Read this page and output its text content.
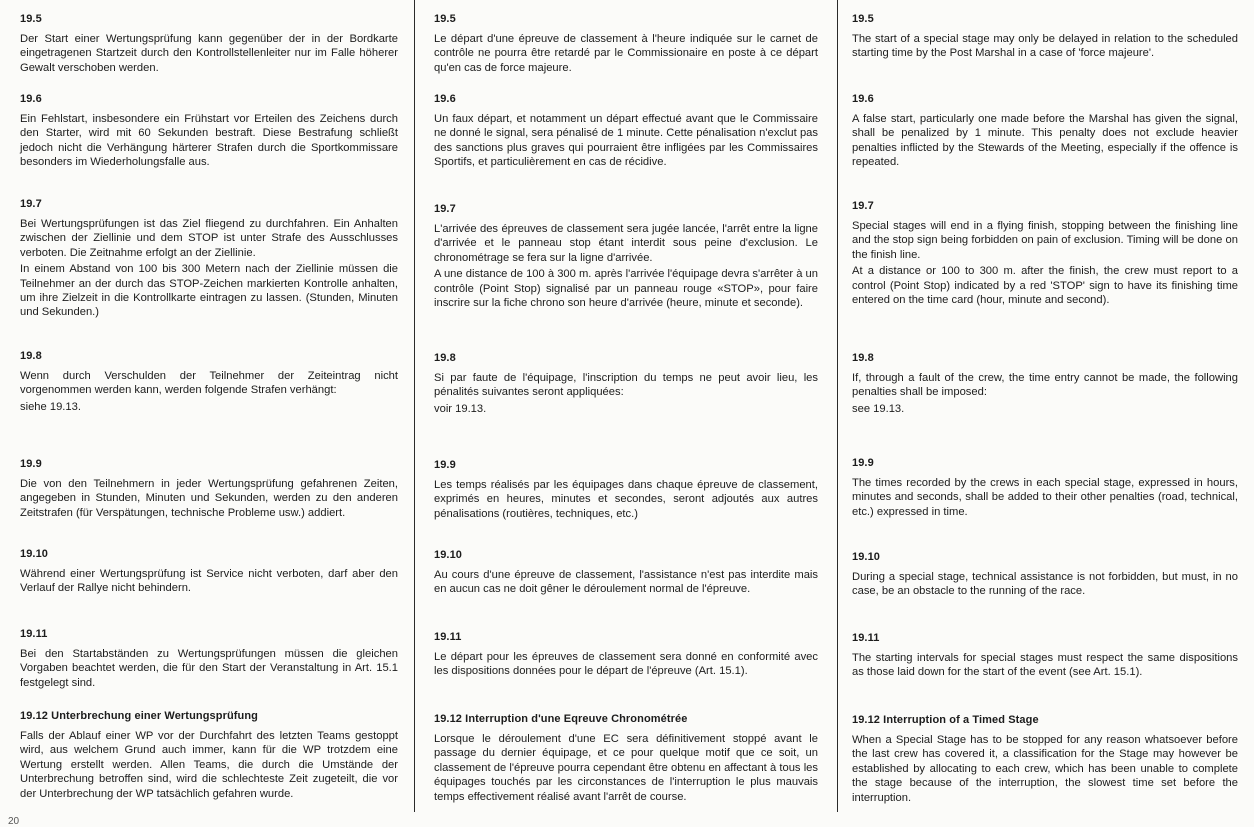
19.5

Der Start einer Wertungsprüfung kann gegenüber der in der Bordkarte eingetragenen Startzeit durch den Kontrollstellenleiter nur im Falle höherer Gewalt verschoben werden.

19.6

Ein Fehlstart, insbesondere ein Frühstart vor Erteilen des Zeichens durch den Starter, wird mit 60 Sekunden bestraft. Diese Bestrafung schließt jedoch nicht die Verhängung härterer Strafen durch die Sportkommissare besonders im Wiederholungsfalle aus.

19.7

Bei Wertungsprüfungen ist das Ziel fliegend zu durchfahren. Ein Anhalten zwischen der Ziellinie und dem STOP ist unter Strafe des Ausschlusses verboten. Die Zeitnahme erfolgt an der Ziellinie.

In einem Abstand von 100 bis 300 Metern nach der Ziellinie müssen die Teilnehmer an der durch das STOP-Zeichen markierten Kontrolle anhalten, um ihre Zielzeit in die Kontrollkarte eintragen zu lassen. (Stunden, Minuten und Sekunden.)

19.8

Wenn durch Verschulden der Teilnehmer der Zeiteintrag nicht vorgenommen werden kann, werden folgende Strafen verhängt:

siehe 19.13.

19.9

Die von den Teilnehmern in jeder Wertungsprüfung gefahrenen Zeiten, angegeben in Stunden, Minuten und Sekunden, werden zu den anderen Zeitstrafen (für Verspätungen, technische Probleme usw.) addiert.

19.10

Während einer Wertungsprüfung ist Service nicht verboten, darf aber den Verlauf der Rallye nicht behindern.

19.11

Bei den Startabständen zu Wertungsprüfungen müssen die gleichen Vorgaben beachtet werden, die für den Start der Veranstaltung in Art. 15.1 festgelegt sind.

19.12 Unterbrechung einer Wertungsprüfung

Falls der Ablauf einer WP vor der Durchfahrt des letzten Teams gestoppt wird, aus welchem Grund auch immer, kann für die WP trotzdem eine Wertung erstellt werden. Allen Teams, die durch die Umstände der Unterbrechung betroffen sind, wird die schlechteste Zeit zugeteilt, die vor der Unterbrechung der WP tatsächlich gefahren wurde.

19.5

Le départ d'une épreuve de classement à l'heure indiquée sur le carnet de contrôle ne pourra être retardé par le Commissionaire en poste à ce départ qu'en cas de force majeure.

19.6

Un faux départ, et notamment un départ effectué avant que le Commissaire ne donné le signal, sera pénalisé de 1 minute. Cette pénalisation n'exclut pas des sanctions plus graves qui pourraient être infligées par les Commissaires Sportifs, et particulièrement en cas de récidive.

19.7

L'arrivée des épreuves de classement sera jugée lancée, l'arrêt entre la ligne d'arrivée et le panneau stop étant interdit sous peine d'exclusion. Le chronométrage se fera sur la ligne d'arrivée.

A une distance de 100 à 300 m. après l'arrivée l'équipage devra s'arrêter à un contrôle (Point Stop) signalisé par un panneau rouge «STOP», pour faire inscrire sur la fiche chrono son heure d'arrivée (heure, minute et seconde).

19.8

Si par faute de l'équipage, l'inscription du temps ne peut avoir lieu, les pénalités suivantes seront appliquées:

voir 19.13.

19.9

Les temps réalisés par les équipages dans chaque épreuve de classement, exprimés en heures, minutes et secondes, seront adjoutés aux autres pénalisations (routières, techniques, etc.)

19.10

Au cours d'une épreuve de classement, l'assistance n'est pas interdite mais en aucun cas ne doit gêner le déroulement normal de l'épreuve.

19.11

Le départ pour les épreuves de classement sera donné en conformité avec les dispositions données pour le départ de l'épreuve (Art. 15.1).

19.12 Interruption d'une Eqreuve Chronométrée

Lorsque le déroulement d'une EC sera définitivement stoppé avant le passage du dernier équipage, et ce pour quelque motif que ce soit, un classement de l'épreuve pourra cependant être obtenu en affectant à tous les équipages touchés par les circonstances de l'interruption le plus mauvais temps effectivement réalisé avant l'arrêt de course.

19.5

The start of a special stage may only be delayed in relation to the scheduled starting time by the Post Marshal in a case of 'force majeure'.

19.6

A false start, particularly one made before the Marshal has given the signal, shall be penalized by 1 minute. This penalty does not exclude heavier penalties inflicted by the Stewards of the Meeting, especially if the offence is repeated.

19.7

Special stages will end in a flying finish, stopping between the finishing line and the stop sign being forbidden on pain of exclusion. Timing will be done on the finish line.

At a distance or 100 to 300 m. after the finish, the crew must report to a control (Point Stop) indicated by a red 'STOP' sign to have its finishing time entered on the time card (hour, minute and second).

19.8

If, through a fault of the crew, the time entry cannot be made, the following penalties shall be imposed:

see 19.13.

19.9

The times recorded by the crews in each special stage, expressed in hours, minutes and seconds, shall be added to their other penalties (road, technical, etc.) expressed in time.

19.10

During a special stage, technical assistance is not forbidden, but must, in no case, be an obstacle to the running of the race.

19.11

The starting intervals for special stages must respect the same dispositions as those laid down for the start of the event (see Art. 15.1).

19.12 Interruption of a Timed Stage

When a Special Stage has to be stopped for any reason whatsoever before the last crew has covered it, a classification for the Stage may however be established by allocating to each crew, which has been unable to complete the stage because of the interruption, the slowest time set before the interruption.

20
